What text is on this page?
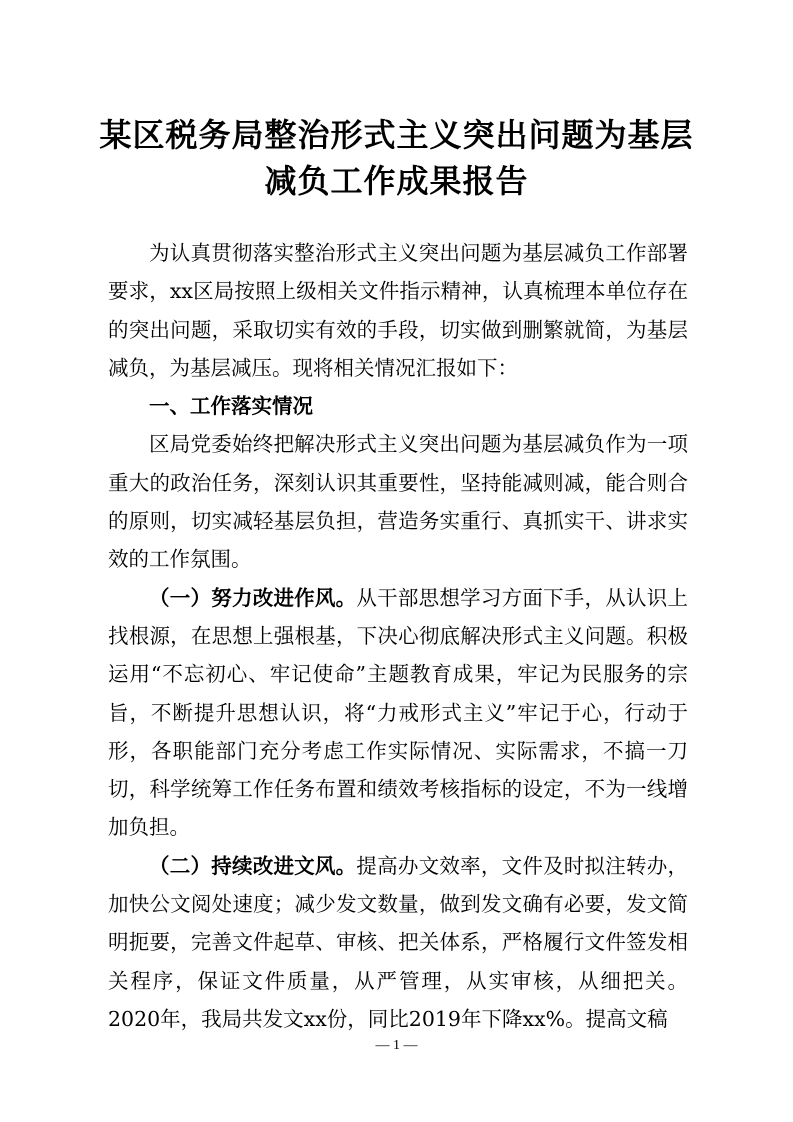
某区税务局整治形式主义突出问题为基层
减负工作成果报告

为认真贯彻落实整治形式主义突出问题为基层减负工作部署要求，xx区局按照上级相关文件指示精神，认真梳理本单位存在的突出问题，采取切实有效的手段，切实做到删繁就简，为基层减负，为基层减压。现将相关情况汇报如下：

一、工作落实情况

区局党委始终把解决形式主义突出问题为基层减负作为一项重大的政治任务，深刻认识其重要性，坚持能减则减，能合则合的原则，切实减轻基层负担，营造务实重行、真抓实干、讲求实效的工作氛围。

（一）努力改进作风。从干部思想学习方面下手，从认识上找根源，在思想上强根基，下决心彻底解决形式主义问题。积极运用“不忘初心、牢记使命”主题教育成果，牢记为民服务的宗旨，不断提升思想认识，将“力戒形式主义”牢记于心，行动于形，各职能部门充分考虑工作实际情况、实际需求，不搞一刀切，科学统筹工作任务布置和绩效考核指标的设定，不为一线增加负担。

（二）持续改进文风。提高办文效率，文件及时拟注转办，加快公文阅处速度；减少发文数量，做到发文确有必要，发文简明扼要，完善文件起草、审核、把关体系，严格履行文件签发相关程序，保证文件质量，从严管理，从实审核，从细把关。2020年，我局共发文xx份，同比2019年下降xx%。提高文稿

— 1 —
